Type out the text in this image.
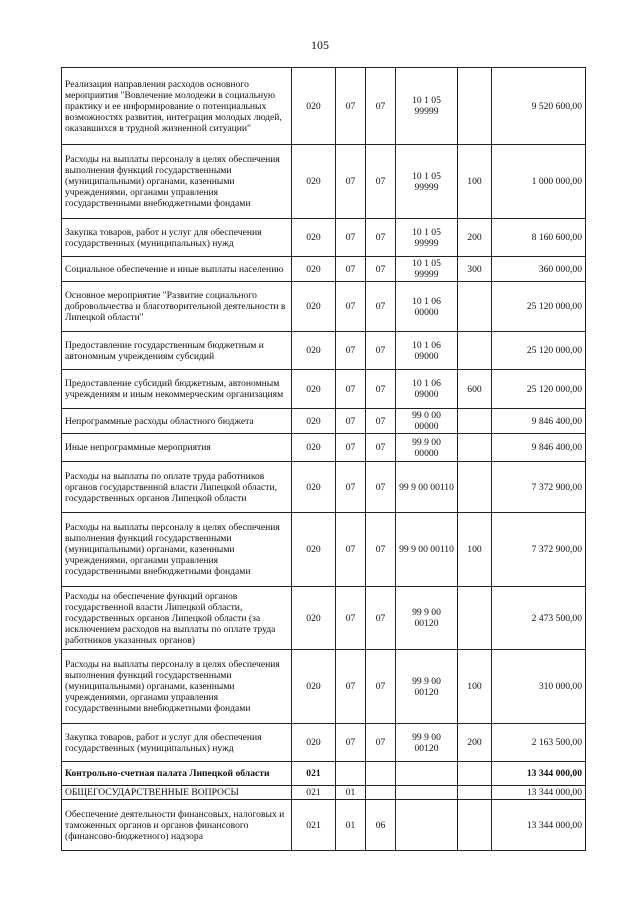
105
Реализация направления расходов основного мероприятия "Вовлечение молодежи в социальную практику и ее информирование о потенциальных возможностях развития, интеграция молодых людей, оказавшихся в трудной жизненной ситуации"	020	07	07	10 1 05 99999		9 520 600,00
Расходы на выплаты персоналу в целях обеспечения выполнения функций государственными (муниципальными) органами, казенными учреждениями, органами управления государственными внебюджетными фондами	020	07	07	10 1 05 99999	100	1 000 000,00
Закупка товаров, работ и услуг для обеспечения государственных (муниципальных) нужд	020	07	07	10 1 05 99999	200	8 160 600,00
Социальное обеспечение и иные выплаты населению	020	07	07	10 1 05 99999	300	360 000,00
Основное мероприятие "Развитие социального добровольчества и благотворительной деятельности в Липецкой области"	020	07	07	10 1 06 00000		25 120 000,00
Предоставление государственным бюджетным и автономным учреждениям субсидий	020	07	07	10 1 06 09000		25 120 000,00
Предоставление субсидий бюджетным, автономным учреждениям и иным некоммерческим организациям	020	07	07	10 1 06 09000	600	25 120 000,00
Непрограммные расходы областного бюджета	020	07	07	99 0 00 00000		9 846 400,00
Иные непрограммные мероприятия	020	07	07	99 9 00 00000		9 846 400,00
Расходы на выплаты по оплате труда работников органов государственной власти Липецкой области, государственных органов Липецкой области	020	07	07	99 9 00 00110		7 372 900,00
Расходы на выплаты персоналу в целях обеспечения выполнения функций государственными (муниципальными) органами, казенными учреждениями, органами управления государственными внебюджетными фондами	020	07	07	99 9 00 00110	100	7 372 900,00
Расходы на обеспечение функций органов государственной власти Липецкой области, государственных органов Липецкой области (за исключением расходов на выплаты по оплате труда работников указанных органов)	020	07	07	99 9 00 00120		2 473 500,00
Расходы на выплаты персоналу в целях обеспечения выполнения функций государственными (муниципальными) органами, казенными учреждениями, органами управления государственными внебюджетными фондами	020	07	07	99 9 00 00120	100	310 000,00
Закупка товаров, работ и услуг для обеспечения государственных (муниципальных) нужд	020	07	07	99 9 00 00120	200	2 163 500,00
Контрольно-счетная палата Липецкой области	021					13 344 000,00
ОБЩЕГОСУДАРСТВЕННЫЕ ВОПРОСЫ	021	01				13 344 000,00
Обеспечение деятельности финансовых, налоговых и таможенных органов и органов финансового (финансово-бюджетного) надзора	021	01	06			13 344 000,00
